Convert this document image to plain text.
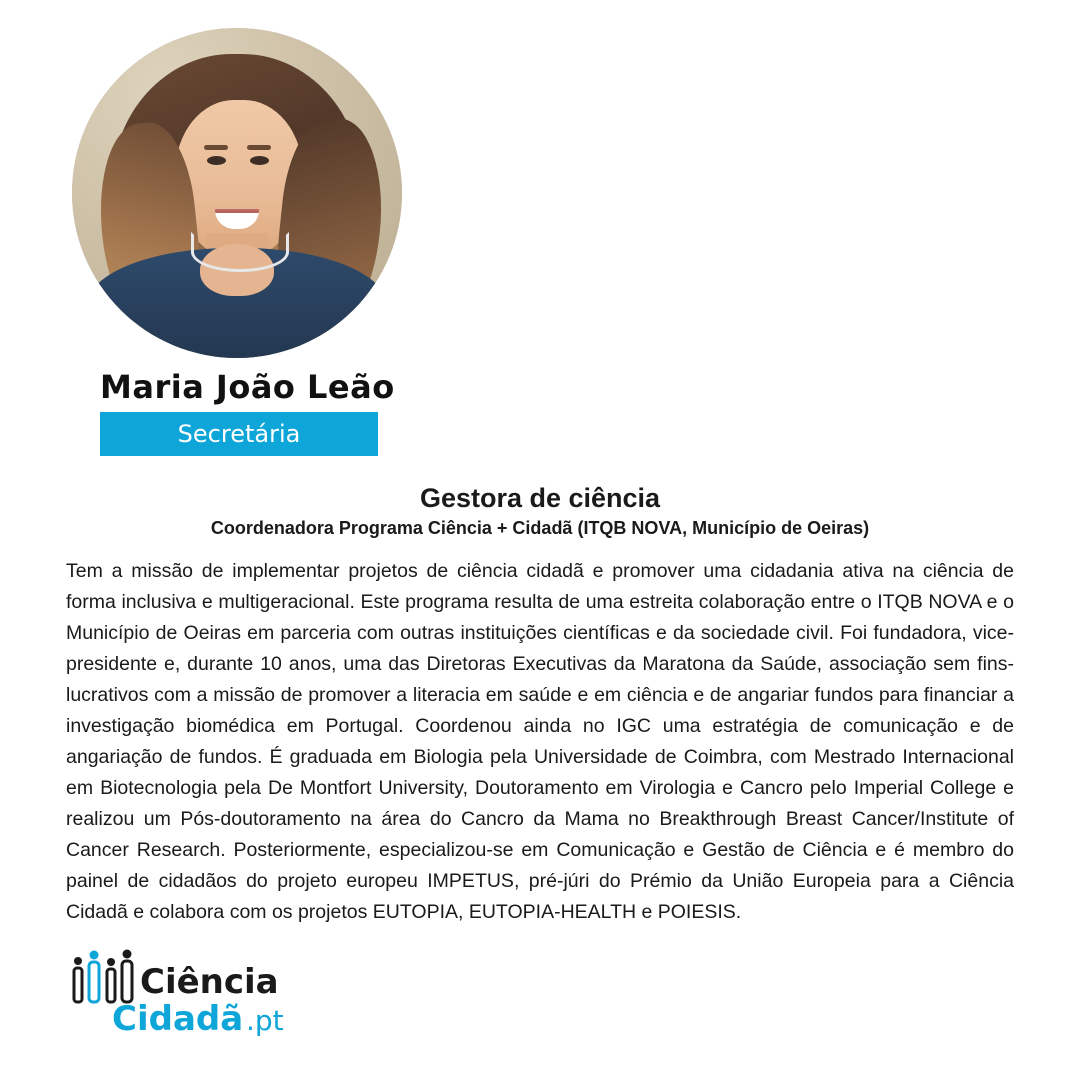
Maria João Leão
Secretária
Gestora de ciência
Coordenadora Programa Ciência + Cidadã (ITQB NOVA, Município de Oeiras)
Tem a missão de implementar projetos de ciência cidadã e promover uma cidadania ativa na ciência de forma inclusiva e multigeracional. Este programa resulta de uma estreita colaboração entre o ITQB NOVA e o Município de Oeiras em parceria com outras instituições científicas e da sociedade civil. Foi fundadora, vice-presidente e, durante 10 anos, uma das Diretoras Executivas da Maratona da Saúde, associação sem fins-lucrativos com a missão de promover a literacia em saúde e em ciência e de angariar fundos para financiar a investigação biomédica em Portugal. Coordenou ainda no IGC uma estratégia de comunicação e de angariação de fundos. É graduada em Biologia pela Universidade de Coimbra, com Mestrado Internacional em Biotecnologia pela De Montfort University, Doutoramento em Virologia e Cancro pelo Imperial College e realizou um Pós-doutoramento na área do Cancro da Mama no Breakthrough Breast Cancer/Institute of Cancer Research. Posteriormente, especializou-se em Comunicação e Gestão de Ciência e é membro do painel de cidadãos do projeto europeu IMPETUS, pré-júri do Prémio da União Europeia para a Ciência Cidadã e colabora com os projetos EUTOPIA, EUTOPIA-HEALTH e POIESIS.
Ciência
Cidadã .pt
